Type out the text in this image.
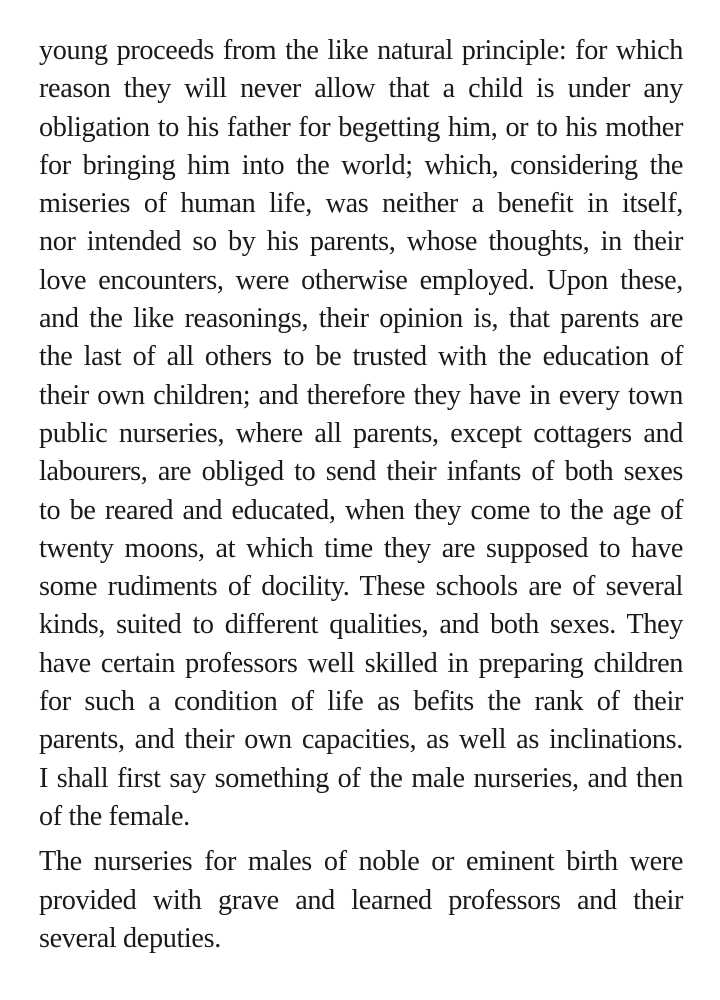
young proceeds from the like natural principle: for which
reason they will never allow that a child is under any
obligation to his father for begetting him, or to his mother
for bringing him into the world; which, considering the
miseries of human life, was neither a benefit in itself,
nor intended so by his parents, whose thoughts, in their
love encounters, were otherwise employed. Upon these,
and the like reasonings, their opinion is, that parents are
the last of all others to be trusted with the education of
their own children; and therefore they have in every town
public nurseries, where all parents, except cottagers and
labourers, are obliged to send their infants of both sexes
to be reared and educated, when they come to the age of
twenty moons, at which time they are supposed to have
some rudiments of docility. These schools are of several
kinds, suited to different qualities, and both sexes. They
have certain professors well skilled in preparing children
for such a condition of life as befits the rank of their
parents, and their own capacities, as well as inclinations.
I shall first say something of the male nurseries, and then
of the female.

The nurseries for males of noble or eminent birth were
provided with grave and learned professors and their
several deputies.
